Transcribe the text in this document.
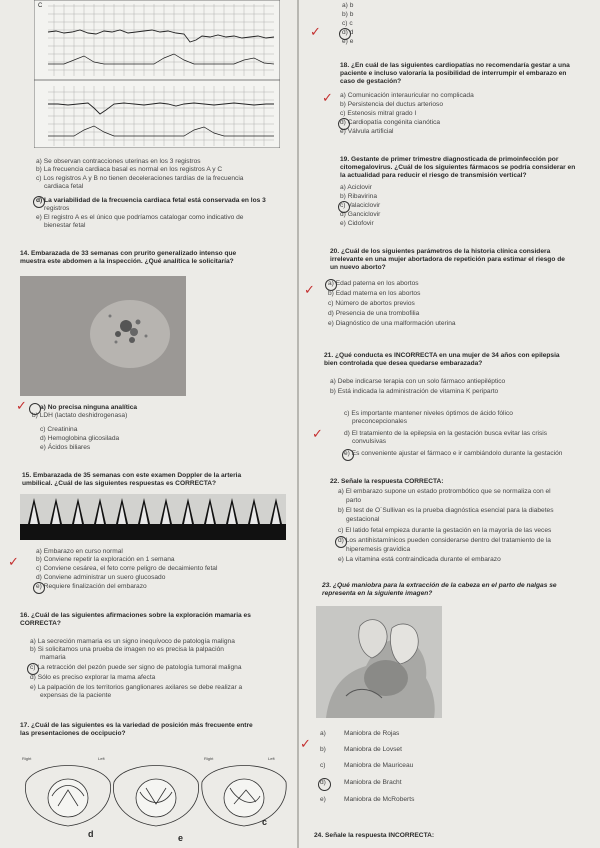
C
a) Se observan contracciones uterinas en los 3 registros
b) La frecuencia cardiaca basal es normal en los registros A y C
c) Los registros A y B no tienen deceleraciones tardías de la frecuencia
cardiaca fetal
d) La variabilidad de la frecuencia cardiaca fetal está conservada en los 3
registros
e) El registro A es el único que podríamos catalogar como indicativo de
bienestar fetal
14. Embarazada de 33 semanas con prurito generalizado intenso que
muestra este abdomen a la inspección. ¿Qué analítica le solicitaría?
a) No precisa ninguna analítica
b) LDH (lactato deshidrogenasa)
c) Creatinina
d) Hemoglobina glicosilada
e) Ácidos biliares
✓
15. Embarazada de 35 semanas con este examen Doppler de la arteria
umbilical. ¿Cuál de las siguientes respuestas es CORRECTA?
a) Embarazo en curso normal
b) Conviene repetir la exploración en 1 semana
c) Conviene cesárea, el feto corre peligro de decaimiento fetal
d) Conviene administrar un suero glucosado
e) Requiere finalización del embarazo
✓
16. ¿Cuál de las siguientes afirmaciones sobre la exploración mamaria es
CORRECTA?
a) La secreción mamaria es un signo inequívoco de patología maligna
b) Si solicitamos una prueba de imagen no es precisa la palpación
mamaria
c) La retracción del pezón puede ser signo de patología tumoral maligna
d) Sólo es preciso explorar la mama afecta
e) La palpación de los territorios ganglionares axilares se debe realizar a
expensas de la paciente
17. ¿Cuál de las siguientes es la variedad de posición más frecuente entre
las presentaciones de occipucio?
Right	Left	Right	Left
d	e
c
a) b
b) b
c) c
d) d
e) e
✓
18. ¿En cuál de las siguientes cardiopatías no recomendaría gestar a una
paciente e incluso valoraría la posibilidad de interrumpir el embarazo en
caso de gestación?
a) Comunicación interauricular no complicada
b) Persistencia del ductus arterioso
c) Estenosis mitral grado I
d) Cardiopatía congénita cianótica
e) Válvula artificial
✓
19. Gestante de primer trimestre diagnosticada de primoinfección por
citomegalovirus. ¿Cuál de los siguientes fármacos se podría considerar en
la actualidad para reducir el riesgo de transmisión vertical?
a) Aciclovir
b) Ribavirina
c) Valaciclovir
d) Ganciclovir
e) Cidofovir
20. ¿Cuál de los siguientes parámetros de la historia clínica considera
irrelevante en una mujer abortadora de repetición para estimar el riesgo de
un nuevo aborto?
a) Edad paterna en los abortos
b) Edad materna en los abortos
c) Número de abortos previos
d) Presencia de una trombofilia
e) Diagnóstico de una malformación uterina
✓
21. ¿Qué conducta es INCORRECTA en una mujer de 34 años con epilepsia
bien controlada que desea quedarse embarazada?
a) Debe indicarse terapia con un solo fármaco antiepiléptico
b) Está indicada la administración de vitamina K periparto
c) Es importante mantener niveles óptimos de ácido fólico
preconcepcionales
d) El tratamiento de la epilepsia en la gestación busca evitar las crisis
convulsivas
e) Es conveniente ajustar el fármaco e ir cambiándolo durante la gestación
✓
22. Señale la respuesta CORRECTA:
a) El embarazo supone un estado protrombótico que se normaliza con el
parto
b) El test de O´Sullivan es la prueba diagnóstica esencial para la diabetes
gestacional
c) El latido fetal empieza durante la gestación en la mayoría de las veces
d) Los antihistamínicos pueden considerarse dentro del tratamiento de la
hiperemesis gravídica
e) La vitamina está contraindicada durante el embarazo
23. ¿Qué maniobra para la extracción de la cabeza en el parto de nalgas se
representa en la siguiente imagen?
a)	Maniobra de Rojas
b)	Maniobra de Lovset
c)	Maniobra de Mauriceau
d)	Maniobra de Bracht
e)	Maniobra de McRoberts
✓
24. Señale la respuesta INCORRECTA:
